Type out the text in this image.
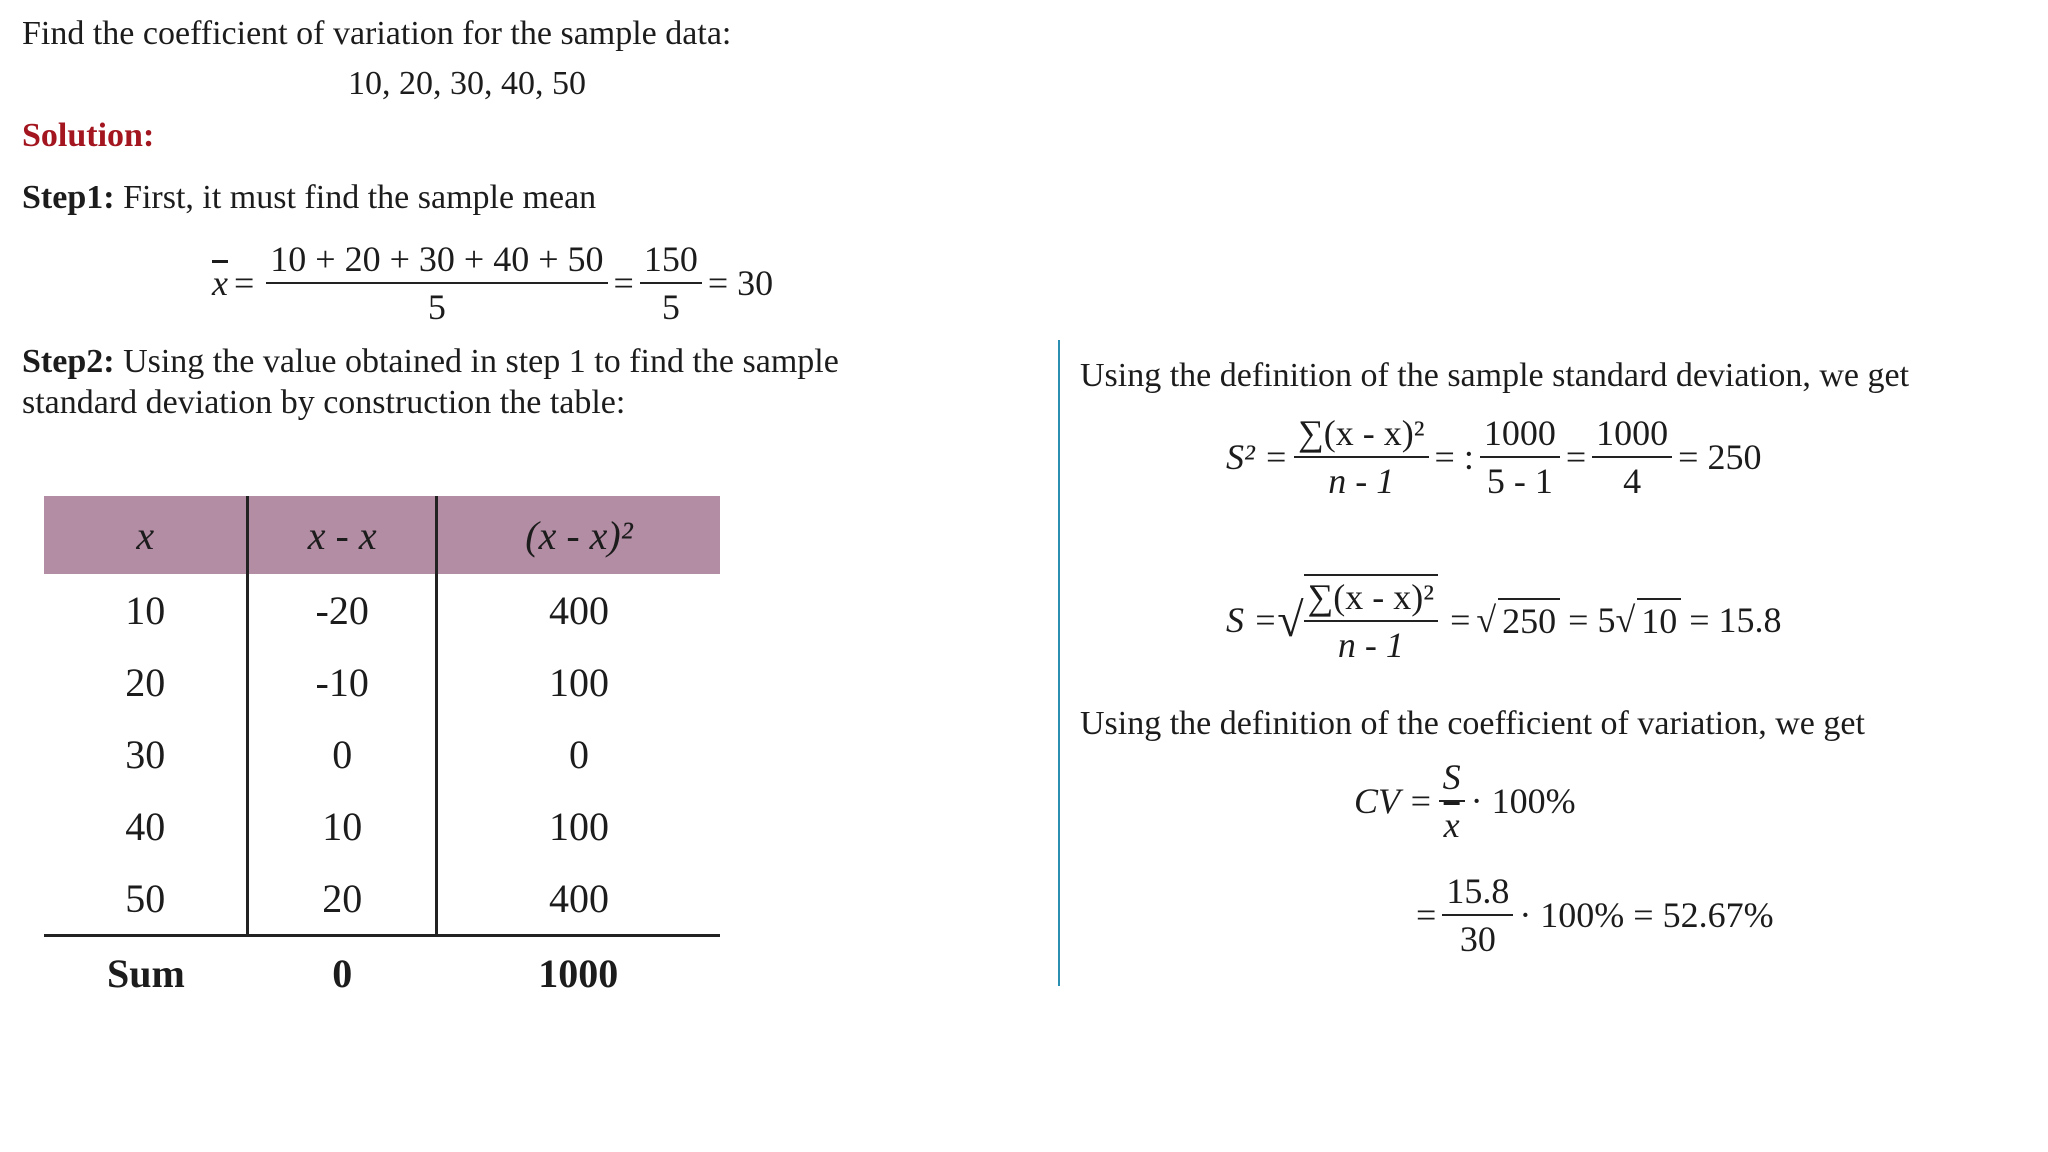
Find the coefficient of variation for the sample data:
10, 20, 30, 40, 50
Solution:
Step1: First, it must find the sample mean
$\overline{x} = \frac{10 + 20 + 30 + 40 + 50}{5} = \frac{150}{5} = 30$
Step2: Using the value obtained in step 1 to find the sample
standard deviation by construction the table:
x	x - x	(x - x)²
10	-20	400
20	-10	100
30	0	0
40	10	100
50	20	400
Sum	0	1000
Using the definition of the sample standard deviation, we get
$S^2 = \frac{\text{∑(x - x)²}}{n - 1}$ = : $\frac{1000}{5 - 1} = \frac{1000}{4} = 250$
S = √ $\frac{\text{∑(x - x)²}}{n - 1}$ = √ 250 = 5 √ 10 = 15.8
Using the definition of the coefficient of variation, we get
CV = $\frac{S}{x} \cdot 100\%$
= $\frac{15.8}{30} \cdot 100\% = 52.67\%$
